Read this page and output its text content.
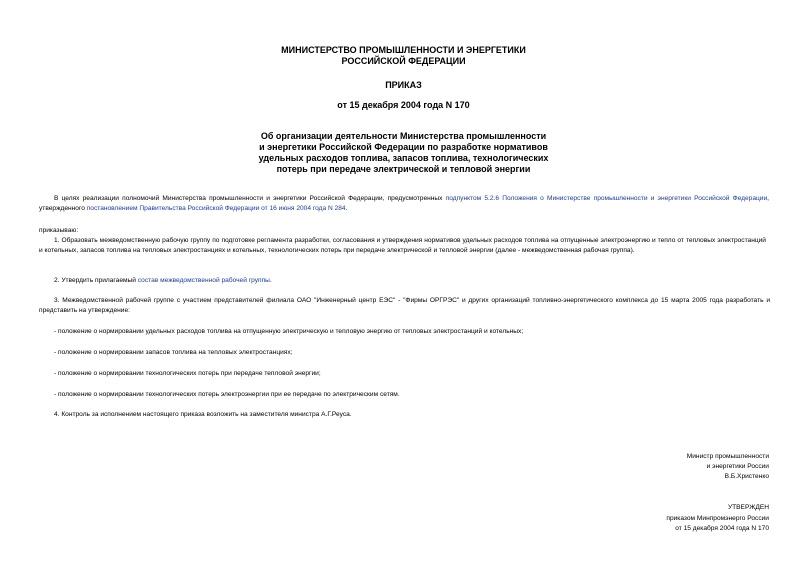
МИНИСТЕРСТВО ПРОМЫШЛЕННОСТИ И ЭНЕРГЕТИКИ
РОССИЙСКОЙ ФЕДЕРАЦИИ
ПРИКАЗ
от 15 декабря 2004 года N 170
Об организации деятельности Министерства промышленности
и энергетики Российской Федерации по разработке нормативов
удельных расходов топлива, запасов топлива, технологических
потерь при передаче электрической и тепловой энергии
В целях реализации полномочий Министерства промышленности и энергетики Российской Федерации, предусмотренных подпунктом 5.2.6 Положения о Министерстве промышленности и энергетики Российской Федерации, утвержденного постановлением Правительства Российской Федерации от 16 июня 2004 года N 284.
приказываю:
1. Образовать межведомственную рабочую группу по подготовке регламента разработки, согласования и утверждения нормативов удельных расходов топлива на отпущенные электроэнергию и тепло от тепловых электростанций и котельных, запасов топлива на тепловых электростанциях и котельных, технологических потерь при передаче электрической и тепловой энергии (далее - межведомственная рабочая группа).
2. Утвердить прилагаемый состав межведомственной рабочей группы.
3. Межведомственной рабочей группе с участием представителей филиала ОАО "Инженерный центр ЕЭС" - "Фирмы ОРГРЭС" и других организаций топливно-энергетического комплекса до 15 марта 2005 года разработать и представить на утверждение:
- положение о нормировании удельных расходов топлива на отпущенную электрическую и тепловую энергию от тепловых электростанций и котельных;
- положение о нормировании запасов топлива на тепловых электростанциях;
- положение о нормировании технологических потерь при передаче тепловой энергии;
- положение о нормировании технологических потерь электроэнергии при ее передаче по электрическим сетям.
4. Контроль за исполнением настоящего приказа возложить на заместителя министра А.Г.Реуса.
Министр промышленности
и энергетики России
В.Б.Христенко
УТВЕРЖДЕН
приказом Минпромэнерго России
от 15 декабря 2004 года N 170
